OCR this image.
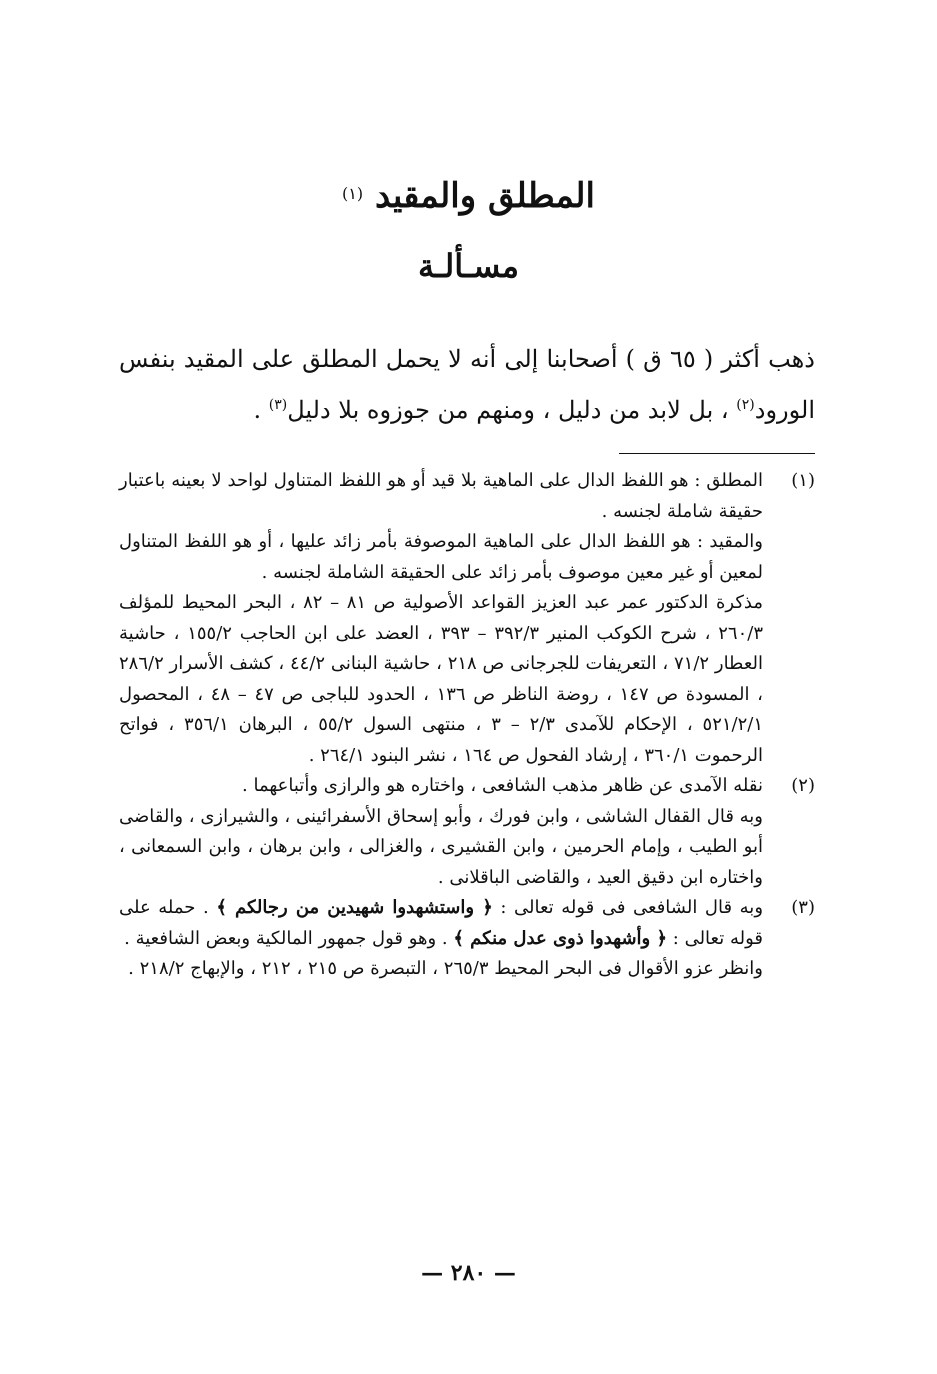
المطلق والمقيد $^{(١)}$
مسـألـة
ذهب أكثر ( ٦٥ ق ) أصحابنا إلى أنه لا يحمل المطلق على المقيد بنفس الورود$^{(٢)}$ ، بل لابد من دليل ، ومنهم من جوزوه بلا دليل$^{(٣)}$ .
(١)

المطلق : هو اللفظ الدال على الماهية بلا قيد أو هو اللفظ المتناول لواحد لا بعينه باعتبار حقيقة شاملة لجنسه .

والمقيد : هو اللفظ الدال على الماهية الموصوفة بأمر زائد عليها ، أو هو اللفظ المتناول لمعين أو غير معين موصوف بأمر زائد على الحقيقة الشاملة لجنسه .

مذكرة الدكتور عمر عبد العزيز القواعد الأصولية ص ٨١ – ٨٢ ، البحر المحيط للمؤلف ٢٦٠/٣ ، شرح الكوكب المنير ٣٩٢/٣ – ٣٩٣ ، العضد على ابن الحاجب ١٥٥/٢ ، حاشية العطار ٧١/٢ ، التعريفات للجرجانى ص ٢١٨ ، حاشية البنانى ٤٤/٢ ، كشف الأسرار ٢٨٦/٢ ، المسودة ص ١٤٧ ، روضة الناظر ص ١٣٦ ، الحدود للباجى ص ٤٧ – ٤٨ ، المحصول ٥٢١/٢/١ ، الإحكام للآمدى ٢/٣ – ٣ ، منتهى السول ٥٥/٢ ، البرهان ٣٥٦/١ ، فواتح الرحموت ٣٦٠/١ ، إرشاد الفحول ص ١٦٤ ، نشر البنود ٢٦٤/١ .

(٢)

نقله الآمدى عن ظاهر مذهب الشافعى ، واختاره هو والرازى وأتباعهما .

وبه قال القفال الشاشى ، وابن فورك ، وأبو إسحاق الأسفرائينى ، والشيرازى ، والقاضى أبو الطيب ، وإمام الحرمين ، وابن القشيرى ، والغزالى ، وابن برهان ، وابن السمعانى ، واختاره ابن دقيق العيد ، والقاضى الباقلانى .

(٣)

وبه قال الشافعى فى قوله تعالى : ﴿ واستشهدوا شهيدين من رجالكم ﴾ . حمله على قوله تعالى : ﴿ وأشهدوا ذوى عدل منكم ﴾ . وهو قول جمهور المالكية وبعض الشافعية .

وانظر عزو الأقوال فى البحر المحيط ٢٦٥/٣ ، التبصرة ص ٢١٥ ، ٢١٢ ، والإبهاج ٢١٨/٢ .

— ٢٨٠ —
